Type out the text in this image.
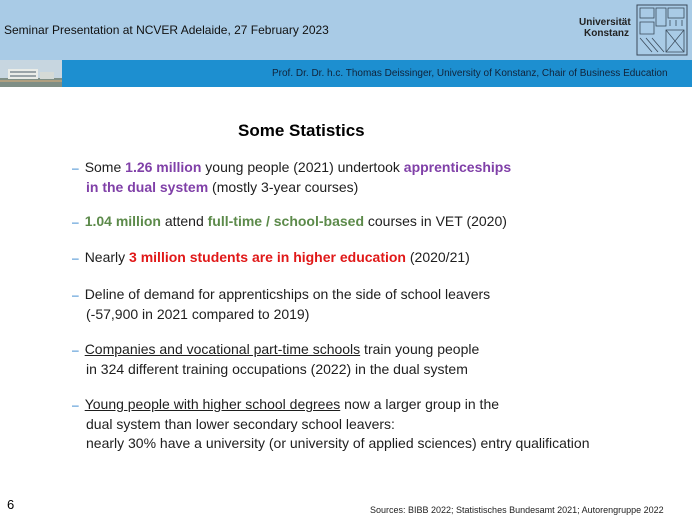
Seminar Presentation at NCVER Adelaide, 27 February 2023
Universität
Konstanz
Prof. Dr. Dr. h.c. Thomas Deissinger, University of Konstanz, Chair of Business Education
Some Statistics
– Some 1.26 million young people (2021) undertook apprenticeships
in the dual system (mostly 3-year courses)
– 1.04 million attend full-time / school-based courses in VET (2020)
– Nearly 3 million students are in higher education (2020/21)
– Deline of demand for apprenticships on the side of school leavers
(-57,900 in 2021 compared to 2019)
– Companies and vocational part-time schools train young people
in 324 different training occupations (2022) in the dual system
– Young people with higher school degrees now a larger group in the
dual system than lower secondary school leavers:
nearly 30% have a university (or university of applied sciences) entry qualification
6	Sources: BIBB 2022; Statistisches Bundesamt 2021; Autorengruppe 2022
